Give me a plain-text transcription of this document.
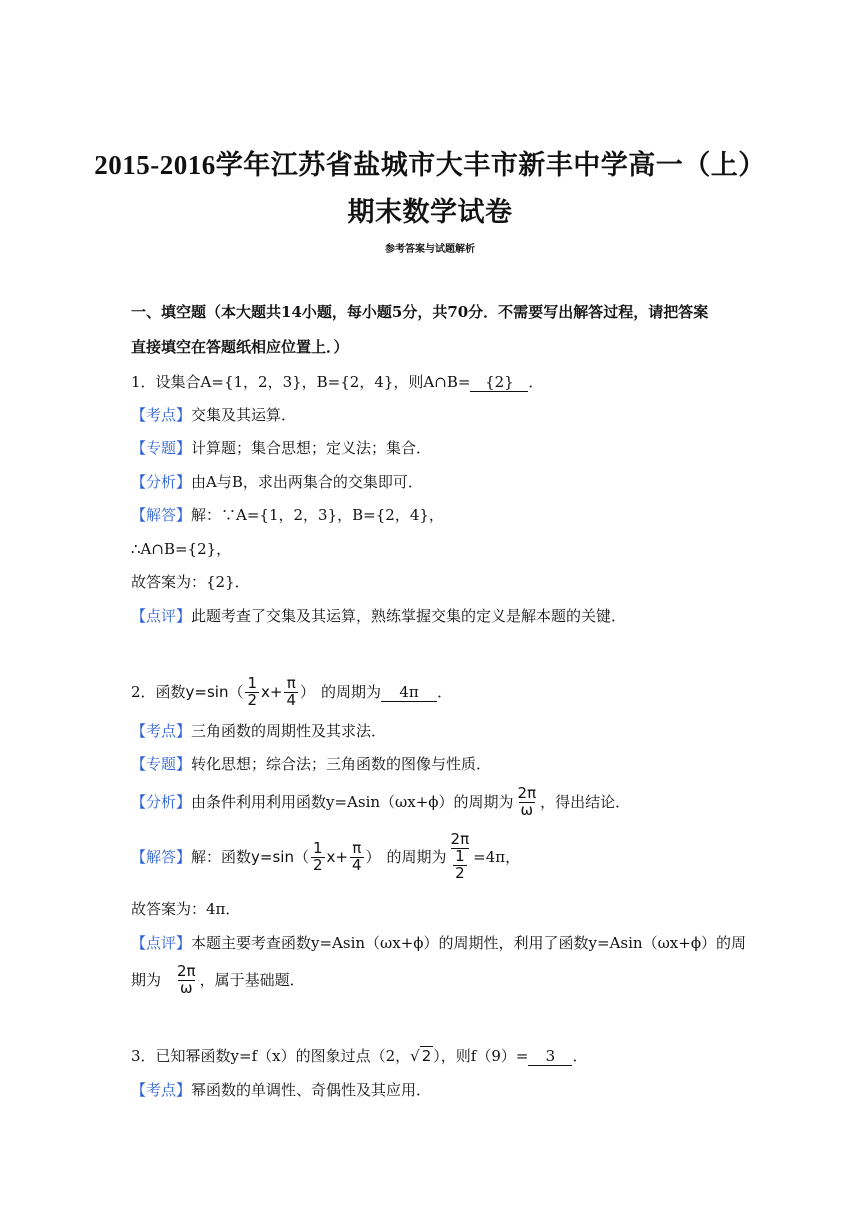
2015-2016学年江苏省盐城市大丰市新丰中学高一（上）
期末数学试卷
参考答案与试题解析
一、填空题（本大题共14小题，每小题5分，共70分．不需要写出解答过程，请把答案
直接填空在答题纸相应位置上．）
1．设集合A={1，2，3}，B={2，4}，则A∩B= {2} ．
【考点】交集及其运算．
【专题】计算题；集合思想；定义法；集合．
【分析】由A与B，求出两集合的交集即可．
【解答】解：∵A={1，2，3}，B={2，4}，
∴A∩B={2}，
故答案为：{2}．
【点评】此题考查了交集及其运算，熟练掌握交集的定义是解本题的关键．
2．函数 $y=\sin( \frac{1}{2} x+ \frac{\pi}{4}$ ） 的周期为	4π	．
【考点】三角函数的周期性及其求法．
【专题】转化思想；综合法；三角函数的图像与性质．
【分析】 由条件利用利用函数y=Asin（ωx+ϕ）的周期为 $\frac{2\pi}{\omega}$ ，得出结论．
【解答】 解：函数 $y=\sin( \frac{1}{2} x+ \frac{\pi}{4}$ ） 的周期为 $\frac{2\pi}{\frac{1}{2}} =4\pi$，
故答案为：4π．
【点评】本题主要考查函数y=Asin（ωx+ϕ）的周期性，利用了函数y=Asin（ωx+ϕ）的周
期为 $\frac{2\pi}{\omega}$ ，属于基础题．
3．已知幂函数y=f（x）的图象过点（2， √ 2 ），则f（9）=	3	．
【考点】幂函数的单调性、奇偶性及其应用．
